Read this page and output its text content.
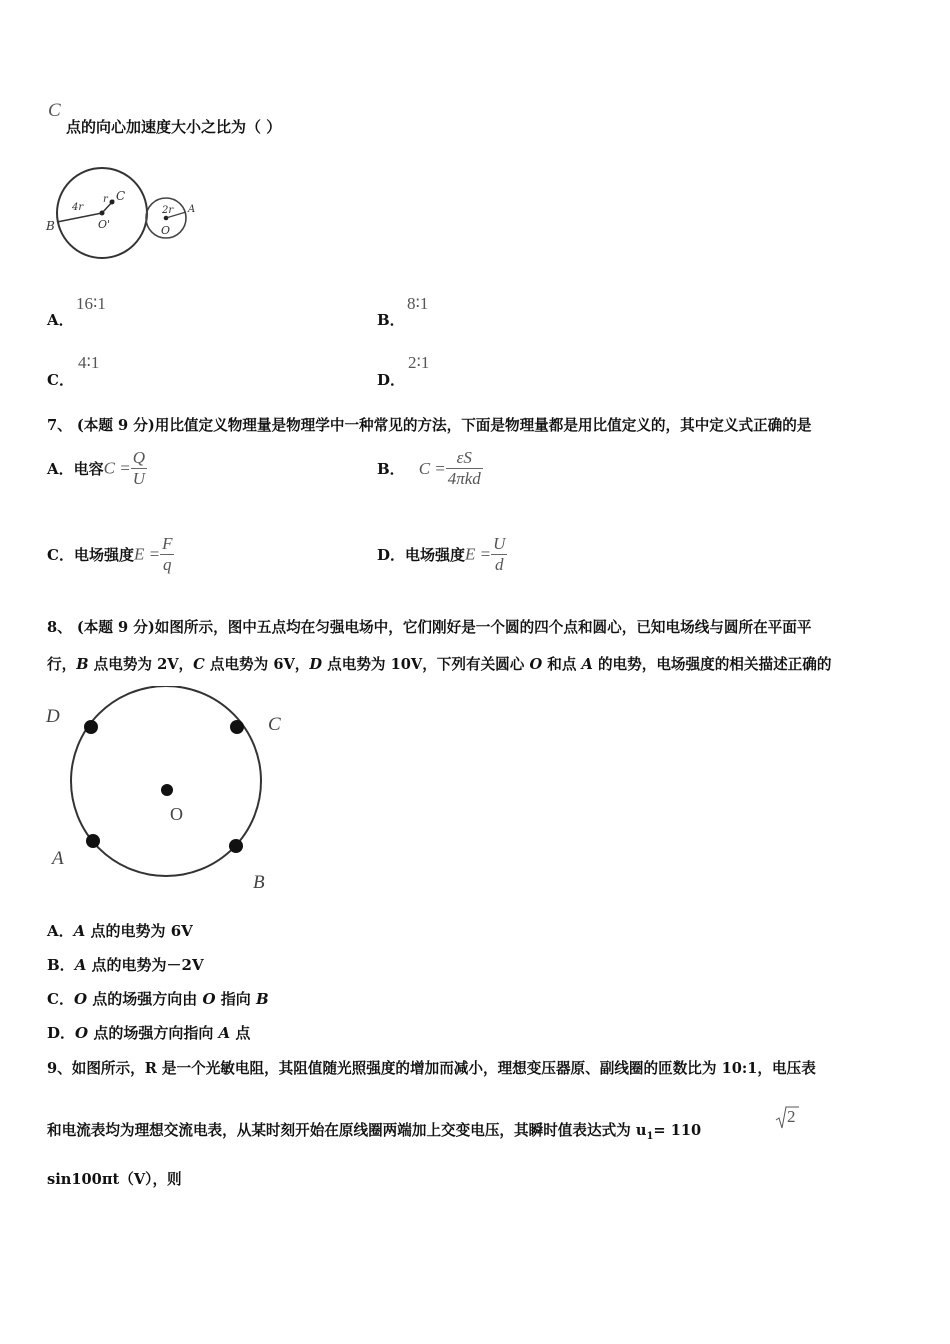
C
点的向心加速度大小之比为（ ）
B
4r
r C
O'
2r A
O
A．
16∶1
B．
8∶1
C．
4∶1
D．
2∶1
7、 (本题 9 分)用比值定义物理量是物理学中一种常见的方法，下面是物理量都是用比值定义的，其中定义式正确的是
A．电容$C = \frac{Q}{U}$	B． $C = \frac{\varepsilon S}{\text{4πkd}}$
C．电场强度$E = \frac{F}{q}$	D．电场强度$E = \frac{U}{d}$
8、 (本题 9 分)如图所示，图中五点均在匀强电场中，它们刚好是一个圆的四个点和圆心，已知电场线与圆所在平面平
行，B 点电势为 2V，C 点电势为 6V，D 点电势为 10V，下列有关圆心 O 和点 A 的电势，电场强度的相关描述正确的
D	C
O
A
B
A．A 点的电势为 6V
B．A 点的电势为－2V
C．O 点的场强方向由 O 指向 B
D．O 点的场强方向指向 A 点
9、如图所示，R 是一个光敏电阻，其阻值随光照强度的增加而减小，理想变压器原、副线圈的匝数比为 10:1，电压表
和电流表均为理想交流电表，从某时刻开始在原线圈两端加上交变电压，其瞬时值表达式为 $u_1= 110$
2
sin100πt（V），则
